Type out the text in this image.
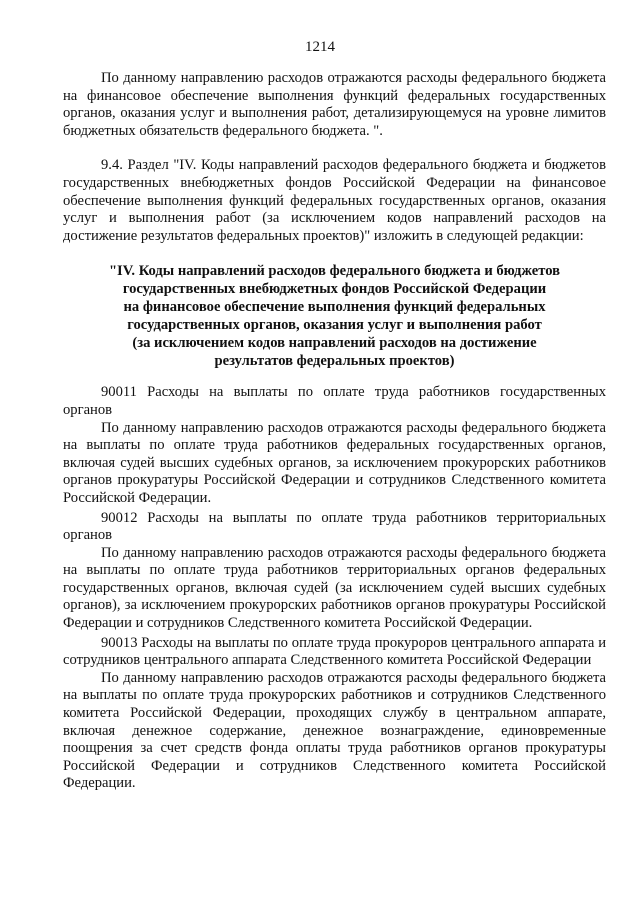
1214

По данному направлению расходов отражаются расходы федерального бюджета на финансовое обеспечение выполнения функций федеральных государственных органов, оказания услуг и выполнения работ, детализирующемуся на уровне лимитов бюджетных обязательств федерального бюджета. ".

9.4. Раздел "IV. Коды направлений расходов федерального бюджета и бюджетов государственных внебюджетных фондов Российской Федерации на финансовое обеспечение выполнения функций федеральных государственных органов, оказания услуг и выполнения работ (за исключением кодов направлений расходов на достижение результатов федеральных проектов)" изложить в следующей редакции:

"IV. Коды направлений расходов федерального бюджета и бюджетов
государственных внебюджетных фондов Российской Федерации
на финансовое обеспечение выполнения функций федеральных
государственных органов, оказания услуг и выполнения работ
(за исключением кодов направлений расходов на достижение
результатов федеральных проектов)

90011 Расходы на выплаты по оплате труда работников государственных органов

По данному направлению расходов отражаются расходы федерального бюджета на выплаты по оплате труда работников федеральных государственных органов, включая судей высших судебных органов, за исключением прокурорских работников органов прокуратуры Российской Федерации и сотрудников Следственного комитета Российской Федерации.

90012 Расходы на выплаты по оплате труда работников территориальных органов

По данному направлению расходов отражаются расходы федерального бюджета на выплаты по оплате труда работников территориальных органов федеральных государственных органов, включая судей (за исключением судей высших судебных органов), за исключением прокурорских работников органов прокуратуры Российской Федерации и сотрудников Следственного комитета Российской Федерации.

90013 Расходы на выплаты по оплате труда прокуроров центрального аппарата и сотрудников центрального аппарата Следственного комитета Российской Федерации

По данному направлению расходов отражаются расходы федерального бюджета на выплаты по оплате труда прокурорских работников и сотрудников Следственного комитета Российской Федерации, проходящих службу в центральном аппарате, включая денежное содержание, денежное вознаграждение, единовременные поощрения за счет средств фонда оплаты труда работников органов прокуратуры Российской Федерации и сотрудников Следственного комитета Российской Федерации.
